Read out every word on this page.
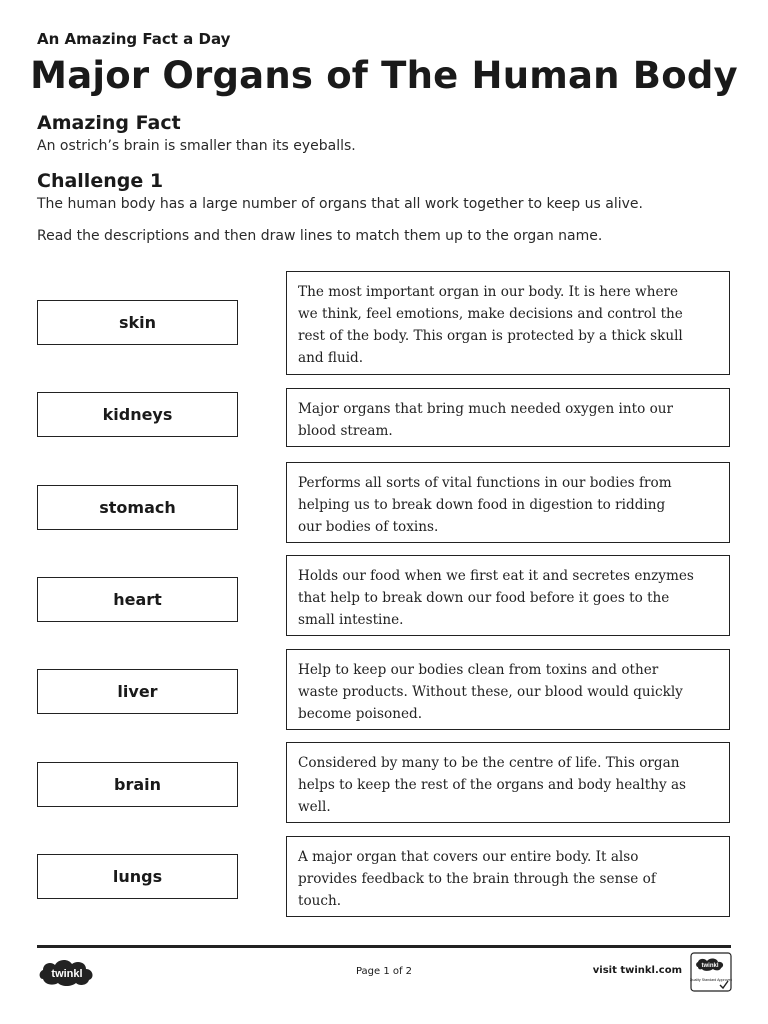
An Amazing Fact a Day
Major Organs of The Human Body
Amazing Fact
An ostrich’s brain is smaller than its eyeballs.
Challenge 1
The human body has a large number of organs that all work together to keep us alive.
Read the descriptions and then draw lines to match them up to the organ name.
skin
kidneys
stomach
heart
liver
brain
lungs
The most important organ in our body. It is here where
we think, feel emotions, make decisions and control the
rest of the body. This organ is protected by a thick skull
and fluid.
Major organs that bring much needed oxygen into our
blood stream.
Performs all sorts of vital functions in our bodies from
helping us to break down food in digestion to ridding
our bodies of toxins.
Holds our food when we first eat it and secretes enzymes
that help to break down our food before it goes to the
small intestine.
Help to keep our bodies clean from toxins and other
waste products. Without these, our blood would quickly
become poisoned.
Considered by many to be the centre of life. This organ
helps to keep the rest of the organs and body healthy as
well.
A major organ that covers our entire body. It also
provides feedback to the brain through the sense of
touch.
twinkl	Page 1 of 2	visit twinkl.com	twinkl
Quality Standard Approved
